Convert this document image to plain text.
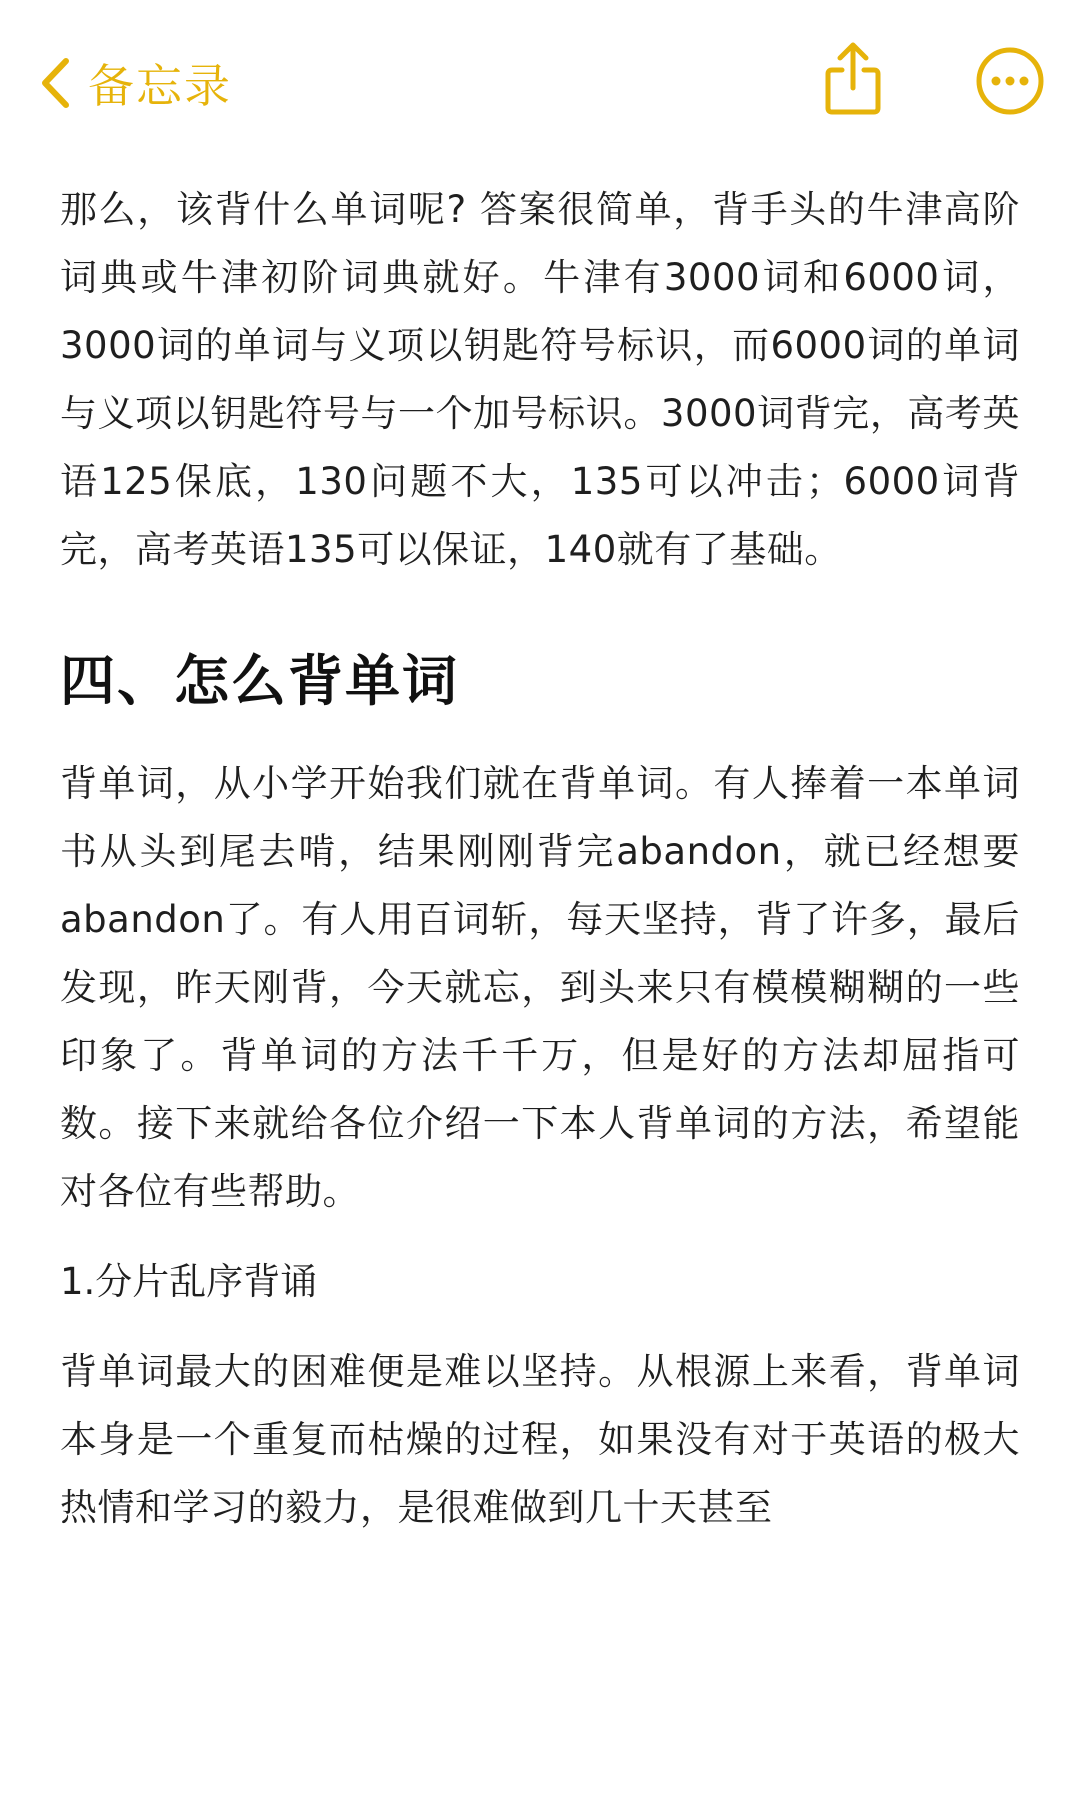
备忘录

那么，该背什么单词呢? 答案很简单，背手头的牛津高阶词典或牛津初阶词典就好。牛津有3000词和6000词，3000词的单词与义项以钥匙符号标识，而6000词的单词与义项以钥匙符号与一个加号标识。3000词背完，高考英语125保底，130问题不大，135可以冲击；6000词背完，高考英语135可以保证，140就有了基础。

四、怎么背单词

背单词，从小学开始我们就在背单词。有人捧着一本单词书从头到尾去啃，结果刚刚背完abandon，就已经想要abandon了。有人用百词斩，每天坚持，背了许多，最后发现，昨天刚背，今天就忘，到头来只有模模糊糊的一些印象了。背单词的方法千千万，但是好的方法却屈指可数。接下来就给各位介绍一下本人背单词的方法，希望能对各位有些帮助。

1.分片乱序背诵

背单词最大的困难便是难以坚持。从根源上来看，背单词本身是一个重复而枯燥的过程，如果没有对于英语的极大热情和学习的毅力，是很难做到几十天甚至
